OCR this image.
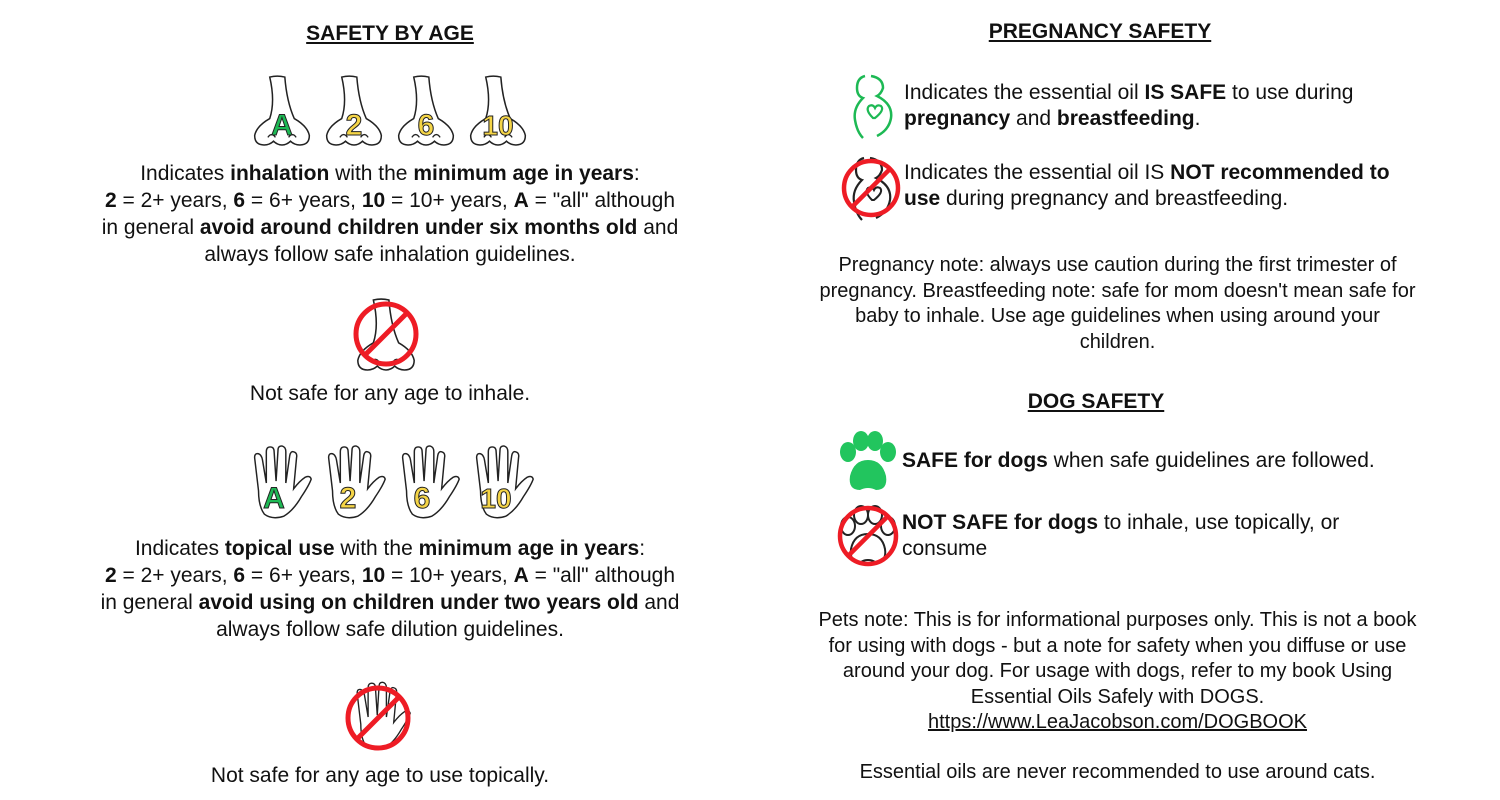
SAFETY BY AGE
A 2 6 10

Indicates inhalation with the minimum age in years:

2 = 2+ years, 6 = 6+ years, 10 = 10+ years, A = "all" although

in general avoid around children under six months old and

always follow safe inhalation guidelines.

Not safe for any age to inhale.

A 2 6 10

Indicates topical use with the minimum age in years:

2 = 2+ years, 6 = 6+ years, 10 = 10+ years, A = "all" although

in general avoid using on children under two years old and

always follow safe dilution guidelines.

Not safe for any age to use topically.

PREGNANCY SAFETY
Indicates the essential oil IS SAFE to use during pregnancy and breastfeeding.
Indicates the essential oil IS NOT recommended to use during pregnancy and breastfeeding.

Pregnancy note: always use caution during the first trimester of pregnancy. Breastfeeding note: safe for mom doesn't mean safe for baby to inhale. Use age guidelines when using around your children.

DOG SAFETY
SAFE for dogs when safe guidelines are followed.
NOT SAFE for dogs to inhale, use topically, or consume

Pets note: This is for informational purposes only. This is not a book for using with dogs - but a note for safety when you diffuse or use around your dog. For usage with dogs, refer to my book Using Essential Oils Safely with DOGS.

https://www.LeaJacobson.com/DOGBOOK

Essential oils are never recommended to use around cats.
